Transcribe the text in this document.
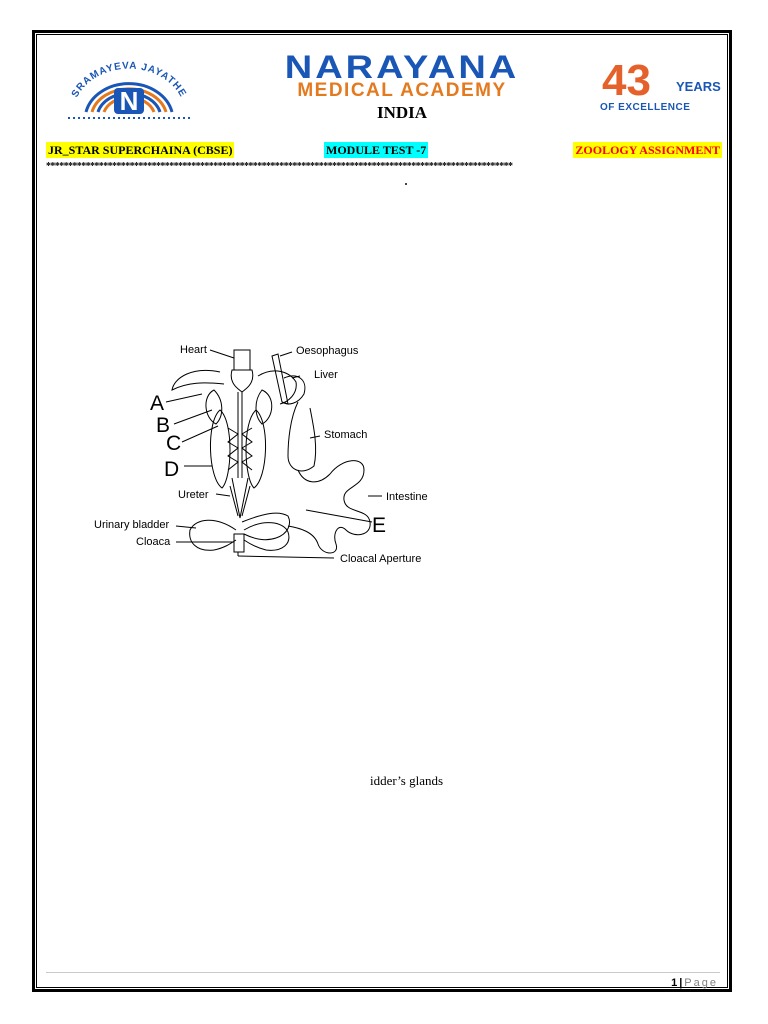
SRAMAYEVA JAYATHE
N
NARAYANA
MEDICAL ACADEMY
INDIA
43 YEARS
OF EXCELLENCE
JR_STAR SUPERCHAINA (CBSE)	MODULE TEST -7	ZOOLOGY ASSIGNMENT
**********************************************************************************************************
Heart	Oesophagus
Liver
Stomach
Intestine
Ureter
Urinary bladder
Cloaca
Cloacal Aperture
A
B
C
D
E
idder’s glands
1 | Page
